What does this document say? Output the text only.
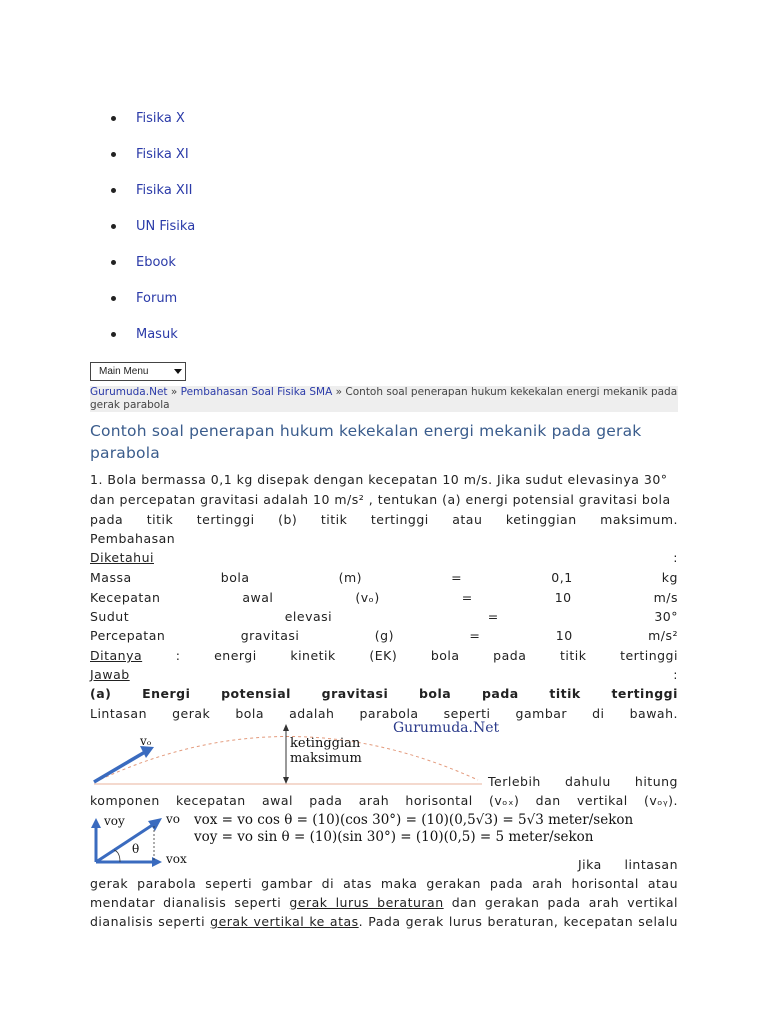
Fisika X
Fisika XI
Fisika XII
UN Fisika
Ebook
Forum
Masuk
Main Menu
Gurumuda.Net » Pembahasan Soal Fisika SMA » Contoh soal penerapan hukum kekekalan energi mekanik pada gerak parabola
Contoh soal penerapan hukum kekekalan energi mekanik pada gerak parabola
1. Bola bermassa 0,1 kg disepak dengan kecepatan 10 m/s. Jika sudut elevasinya 30°
dan percepatan gravitasi adalah 10 m/s² , tentukan (a) energi potensial gravitasi bola
pada titik tertinggi (b) titik tertinggi atau ketinggian maksimum.
Pembahasan
Diketahui	:
Massa	bola	(m)	=	0,1	kg
Kecepatan	awal	(vₒ)	=	10	m/s
Sudut	elevasi	=	30°
Percepatan	gravitasi	(g)	=	10	m/s²
Ditanya	:	energi	kinetik	(EK)	bola	pada	titik	tertinggi
Jawab	:
(a) Energi potensial gravitasi bola pada titik tertinggi
Lintasan gerak bola adalah parabola seperti gambar di bawah.
vₒ	ketinggian
maksimum
Gurumuda.Net
Terlebih dahulu hitung
komponen kecepatan awal pada arah horisontal (vₒₓ) dan vertikal (vₒᵧ).
voy	vo
θ
vox
vox = vo cos θ = (10)(cos 30°) = (10)(0,5√3) = 5√3 meter/sekon
voy = vo sin θ = (10)(sin 30°) = (10)(0,5) = 5 meter/sekon
Jika lintasan
gerak parabola seperti gambar di atas maka gerakan pada arah horisontal atau
mendatar dianalisis seperti gerak lurus beraturan dan gerakan pada arah vertikal
dianalisis seperti gerak vertikal ke atas. Pada gerak lurus beraturan, kecepatan selalu
